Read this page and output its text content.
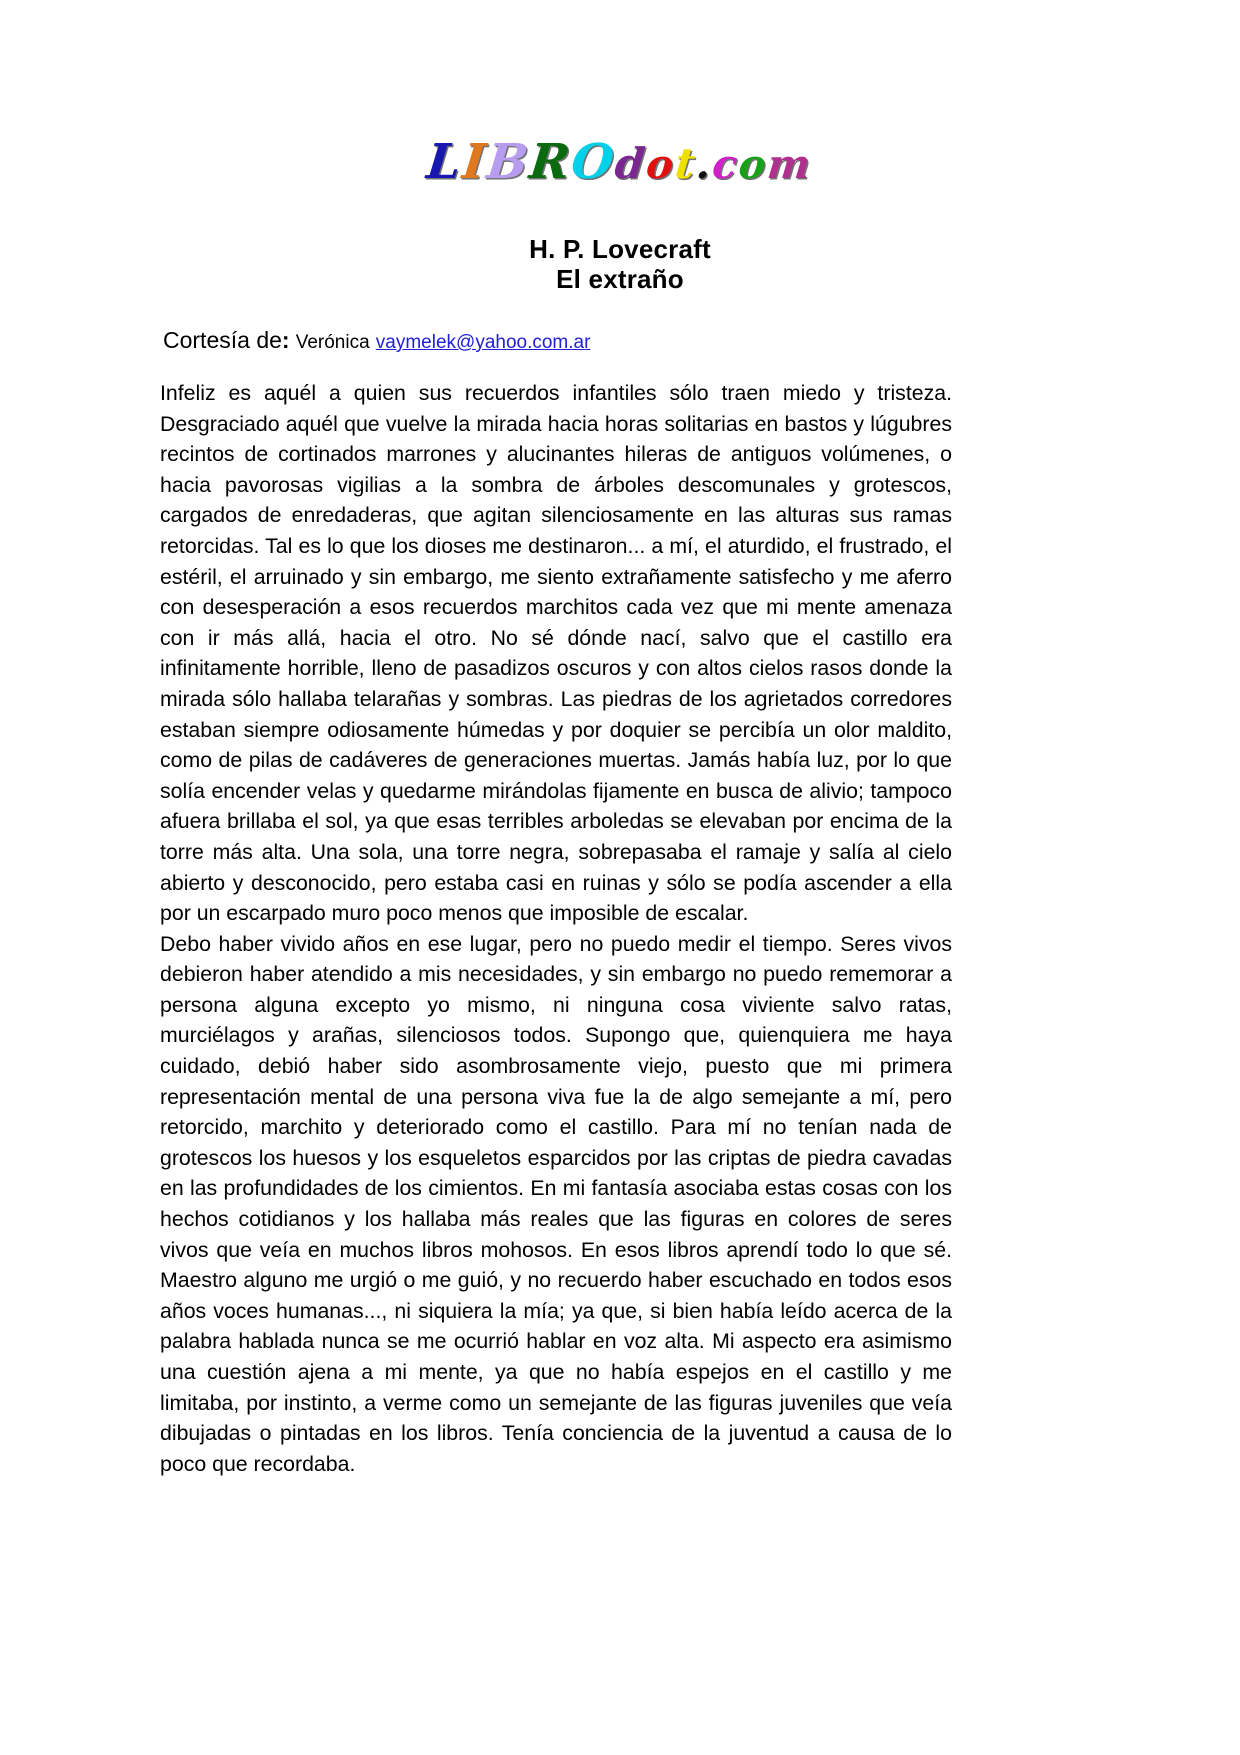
LIBROdot.com
H. P. Lovecraft
El extraño
Cortesía de: Verónica vaymelek@yahoo.com.ar

Infeliz es aquél a quien sus recuerdos infantiles sólo traen miedo y tristeza. Desgraciado aquél que vuelve la mirada hacia horas solitarias en bastos y lúgubres recintos de cortinados marrones y alucinantes hileras de antiguos volúmenes, o hacia pavorosas vigilias a la sombra de árboles descomunales y grotescos, cargados de enredaderas, que agitan silenciosamente en las alturas sus ramas retorcidas. Tal es lo que los dioses me destinaron... a mí, el aturdido, el frustrado, el estéril, el arruinado y sin embargo, me siento extrañamente satisfecho y me aferro con desesperación a esos recuerdos marchitos cada vez que mi mente amenaza con ir más allá, hacia el otro. No sé dónde nací, salvo que el castillo era infinitamente horrible, lleno de pasadizos oscuros y con altos cielos rasos donde la mirada sólo hallaba telarañas y sombras. Las piedras de los agrietados corredores estaban siempre odiosamente húmedas y por doquier se percibía un olor maldito, como de pilas de cadáveres de generaciones muertas. Jamás había luz, por lo que solía encender velas y quedarme mirándolas fijamente en busca de alivio; tampoco afuera brillaba el sol, ya que esas terribles arboledas se elevaban por encima de la torre más alta. Una sola, una torre negra, sobrepasaba el ramaje y salía al cielo abierto y desconocido, pero estaba casi en ruinas y sólo se podía ascender a ella por un escarpado muro poco menos que imposible de escalar.

Debo haber vivido años en ese lugar, pero no puedo medir el tiempo. Seres vivos debieron haber atendido a mis necesidades, y sin embargo no puedo rememorar a persona alguna excepto yo mismo, ni ninguna cosa viviente salvo ratas, murciélagos y arañas, silenciosos todos. Supongo que, quienquiera me haya cuidado, debió haber sido asombrosamente viejo, puesto que mi primera representación mental de una persona viva fue la de algo semejante a mí, pero retorcido, marchito y deteriorado como el castillo. Para mí no tenían nada de grotescos los huesos y los esqueletos esparcidos por las criptas de piedra cavadas en las profundidades de los cimientos. En mi fantasía asociaba estas cosas con los hechos cotidianos y los hallaba más reales que las figuras en colores de seres vivos que veía en muchos libros mohosos. En esos libros aprendí todo lo que sé. Maestro alguno me urgió o me guió, y no recuerdo haber escuchado en todos esos años voces humanas..., ni siquiera la mía; ya que, si bien había leído acerca de la palabra hablada nunca se me ocurrió hablar en voz alta. Mi aspecto era asimismo una cuestión ajena a mi mente, ya que no había espejos en el castillo y me limitaba, por instinto, a verme como un semejante de las figuras juveniles que veía dibujadas o pintadas en los libros. Tenía conciencia de la juventud a causa de lo poco que recordaba.
